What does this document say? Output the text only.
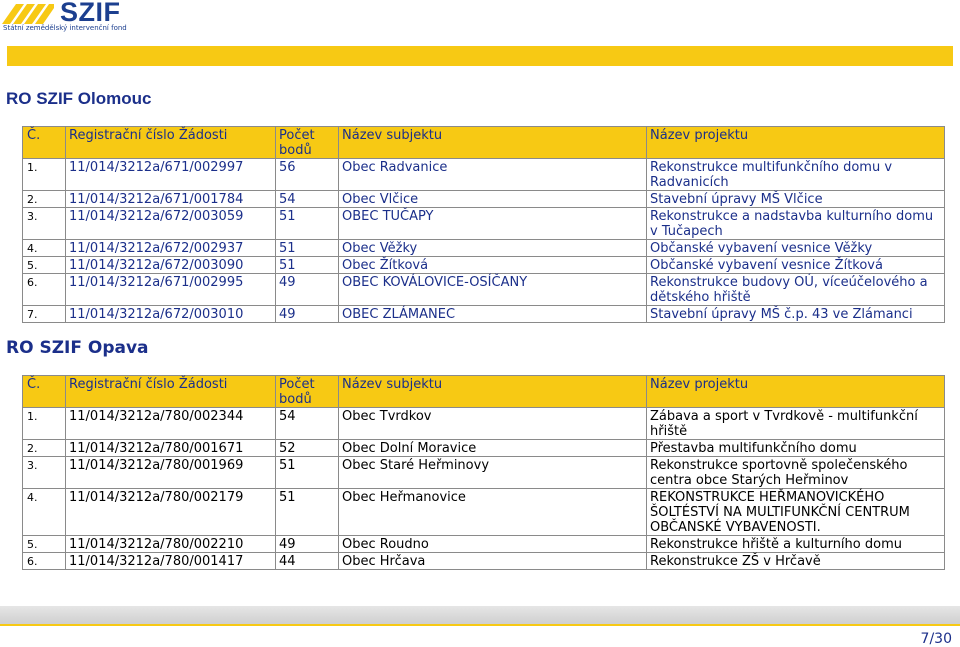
SZIF
Státní zemědělský intervenční fond
RO SZIF Olomouc
Č.	Registrační číslo Žádosti	Počet bodů	Název subjektu	Název projektu
1.	11/014/3212a/671/002997	56	Obec Radvanice	Rekonstrukce multifunkčního domu v Radvanicích
2.	11/014/3212a/671/001784	54	Obec Vlčice	Stavební úpravy MŠ Vlčice
3.	11/014/3212a/672/003059	51	OBEC TUČAPY	Rekonstrukce a nadstavba kulturního domu v Tučapech
4.	11/014/3212a/672/002937	51	Obec Věžky	Občanské vybavení vesnice Věžky
5.	11/014/3212a/672/003090	51	Obec Žítková	Občanské vybavení vesnice Žítková
6.	11/014/3212a/671/002995	49	OBEC KOVÁLOVICE-OSÍČANY	Rekonstrukce budovy OÚ, víceúčelového a dětského hřiště
7.	11/014/3212a/672/003010	49	OBEC ZLÁMANEC	Stavební úpravy MŠ č.p. 43 ve Zlámanci
RO SZIF Opava
Č.	Registrační číslo Žádosti	Počet bodů	Název subjektu	Název projektu
1.	11/014/3212a/780/002344	54	Obec Tvrdkov	Zábava a sport v Tvrdkově - multifunkční hřiště
2.	11/014/3212a/780/001671	52	Obec Dolní Moravice	Přestavba multifunkčního domu
3.	11/014/3212a/780/001969	51	Obec Staré Heřminovy	Rekonstrukce sportovně společenského centra obce Starých Heřminov
4.	11/014/3212a/780/002179	51	Obec Heřmanovice	REKONSTRUKCE HEŘMANOVICKÉHO ŠOLTÉSTVÍ NA MULTIFUNKČNÍ CENTRUM OBČANSKÉ VYBAVENOSTI.
5.	11/014/3212a/780/002210	49	Obec Roudno	Rekonstrukce hřiště a kulturního domu
6.	11/014/3212a/780/001417	44	Obec Hrčava	Rekonstrukce ZŠ v Hrčavě
7/30
